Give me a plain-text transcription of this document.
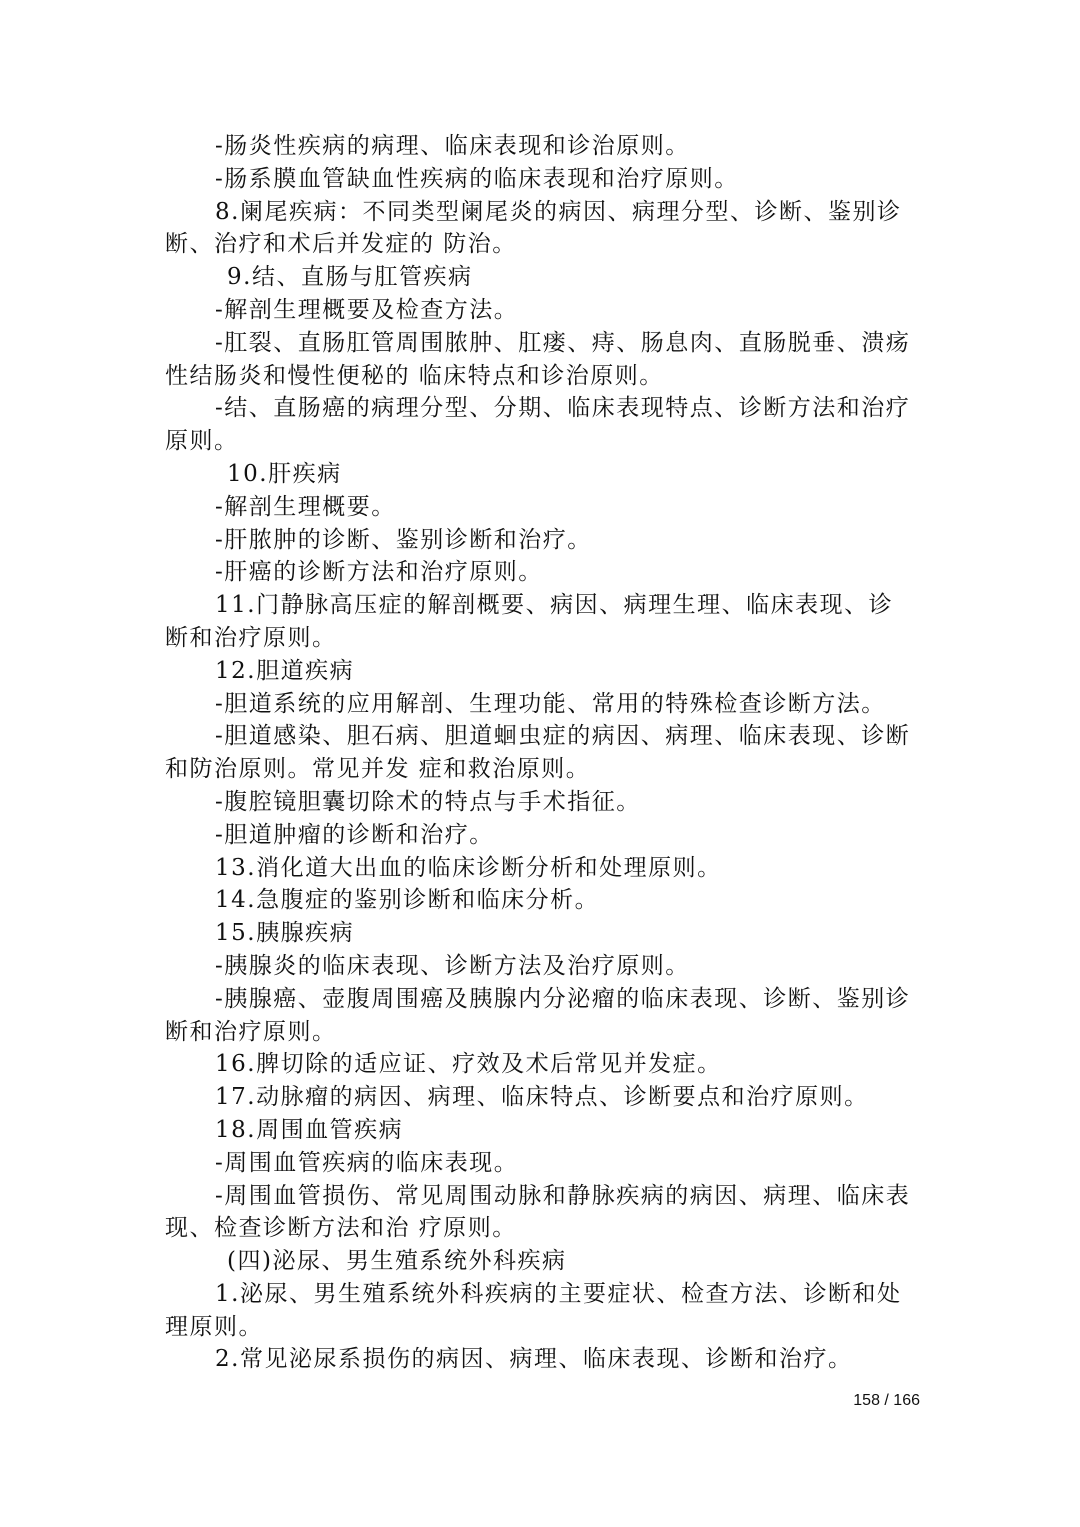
-肠炎性疾病的病理、临床表现和诊治原则。

-肠系膜血管缺血性疾病的临床表现和治疗原则。

8.阑尾疾病：不同类型阑尾炎的病因、病理分型、诊断、鉴别诊断、治疗和术后并发症的 防治。

9.结、直肠与肛管疾病

-解剖生理概要及检查方法。

-肛裂、直肠肛管周围脓肿、肛瘘、痔、肠息肉、直肠脱垂、溃疡性结肠炎和慢性便秘的 临床特点和诊治原则。

-结、直肠癌的病理分型、分期、临床表现特点、诊断方法和治疗原则。

10.肝疾病

-解剖生理概要。

-肝脓肿的诊断、鉴别诊断和治疗。

-肝癌的诊断方法和治疗原则。

11.门静脉高压症的解剖概要、病因、病理生理、临床表现、诊断和治疗原则。

12.胆道疾病

-胆道系统的应用解剖、生理功能、常用的特殊检查诊断方法。

-胆道感染、胆石病、胆道蛔虫症的病因、病理、临床表现、诊断和防治原则。常见并发 症和救治原则。

-腹腔镜胆囊切除术的特点与手术指征。

-胆道肿瘤的诊断和治疗。

13.消化道大出血的临床诊断分析和处理原则。

14.急腹症的鉴别诊断和临床分析。

15.胰腺疾病

-胰腺炎的临床表现、诊断方法及治疗原则。

-胰腺癌、壶腹周围癌及胰腺内分泌瘤的临床表现、诊断、鉴别诊断和治疗原则。

16.脾切除的适应证、疗效及术后常见并发症。

17.动脉瘤的病因、病理、临床特点、诊断要点和治疗原则。

18.周围血管疾病

-周围血管疾病的临床表现。

-周围血管损伤、常见周围动脉和静脉疾病的病因、病理、临床表现、检查诊断方法和治 疗原则。

(四)泌尿、男生殖系统外科疾病

1.泌尿、男生殖系统外科疾病的主要症状、检查方法、诊断和处理原则。

2.常见泌尿系损伤的病因、病理、临床表现、诊断和治疗。

158 / 166
